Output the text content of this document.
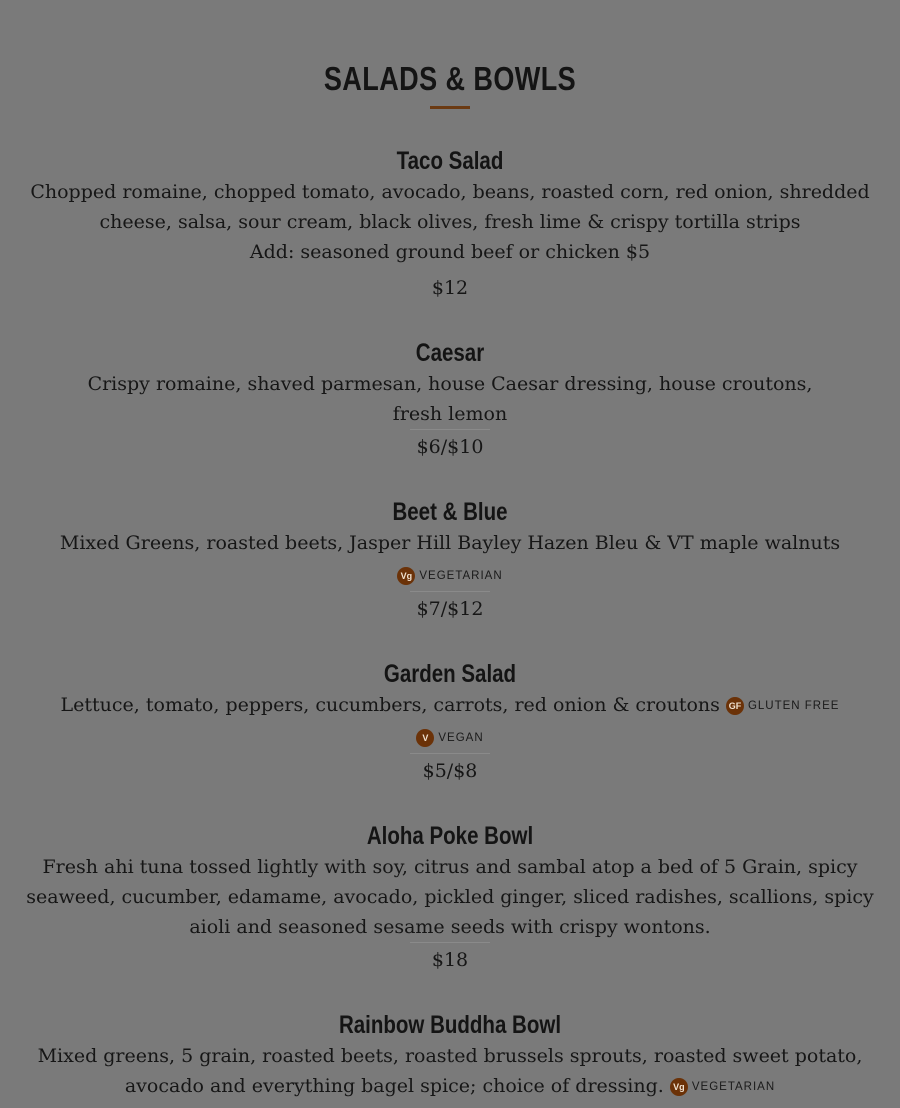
SALADS & BOWLS
Taco Salad

Chopped romaine, chopped tomato, avocado, beans, roasted corn, red onion, shredded cheese, salsa, sour cream, black olives, fresh lime & crispy tortilla strips

Add: seasoned ground beef or chicken $5

$12

Caesar

Crispy romaine, shaved parmesan, house Caesar dressing, house croutons, fresh lemon

$6/$10

Beet & Blue

Mixed Greens, roasted beets, Jasper Hill Bayley Hazen Bleu & VT maple walnuts

Vg VEGETARIAN

$7/$12

Garden Salad

Lettuce, tomato, peppers, cucumbers, carrots, red onion & croutons GF GLUTEN FREE

V VEGAN

$5/$8

Aloha Poke Bowl

Fresh ahi tuna tossed lightly with soy, citrus and sambal atop a bed of 5 Grain, spicy seaweed, cucumber, edamame, avocado, pickled ginger, sliced radishes, scallions, spicy aioli and seasoned sesame seeds with crispy wontons.

$18

Rainbow Buddha Bowl

Mixed greens, 5 grain, roasted beets, roasted brussels sprouts, roasted sweet potato, avocado and everything bagel spice; choice of dressing.	Vg VEGETARIAN
